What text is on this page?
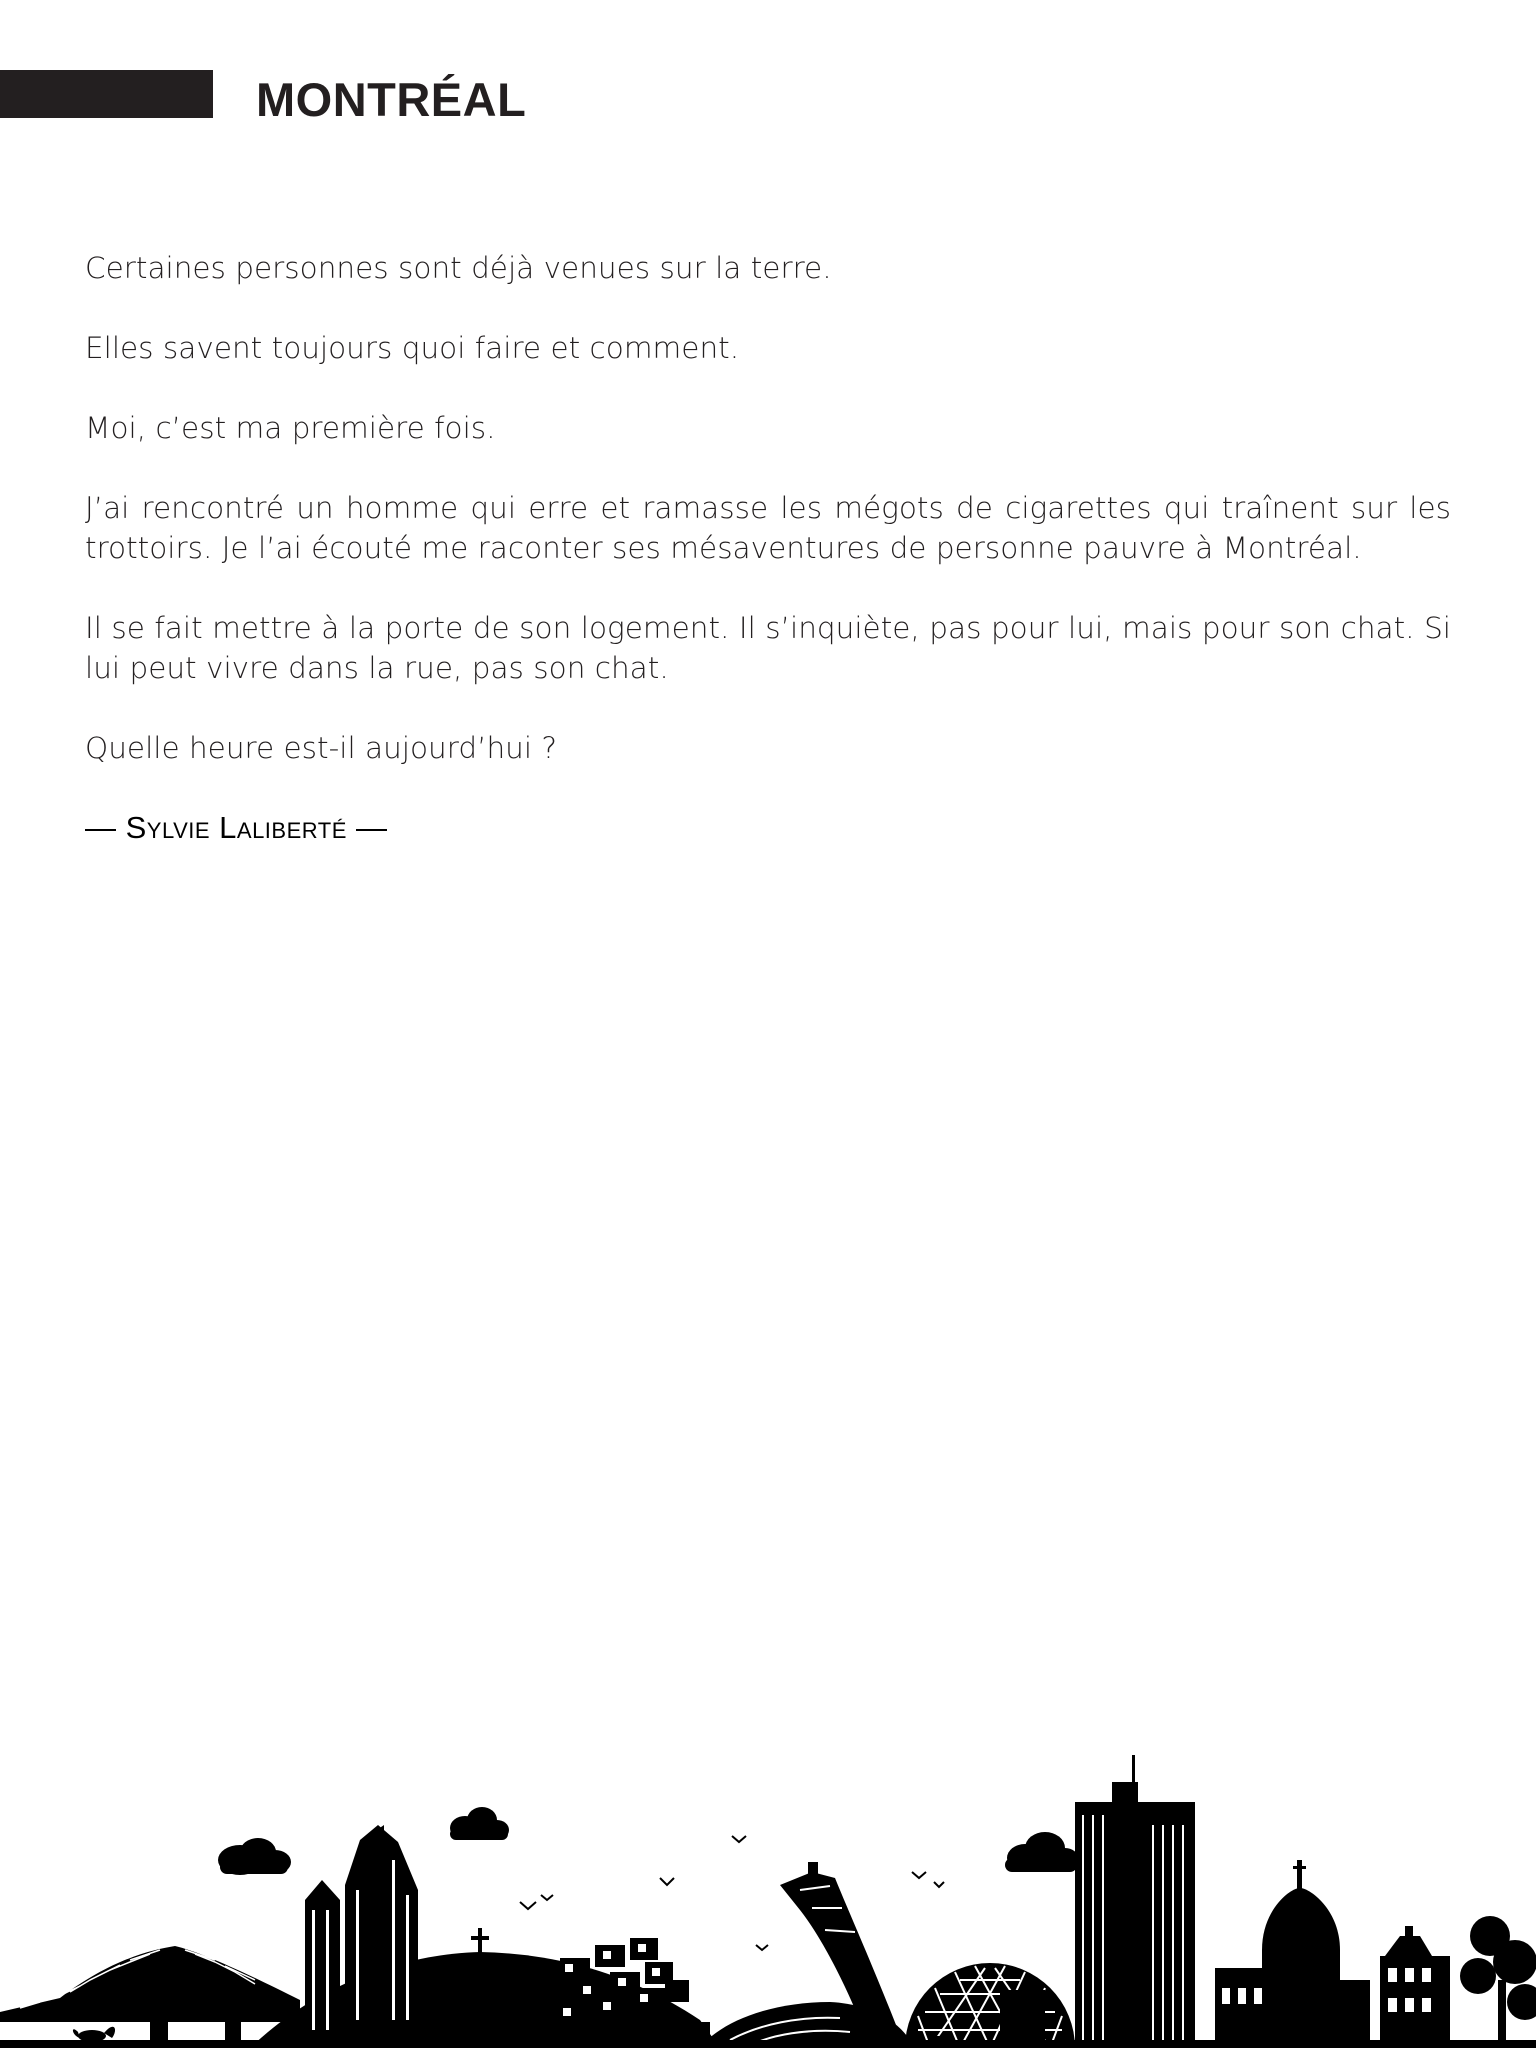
MONTRÉAL

Certaines personnes sont déjà venues sur la terre.

Elles savent toujours quoi faire et comment.

Moi, c’est ma première fois.

J’ai rencontré un homme qui erre et ramasse les mégots de cigarettes qui traînent sur les trottoirs. Je l’ai écouté me raconter ses mésaventures de personne pauvre à Montréal.

Il se fait mettre à la porte de son logement. Il s’inquiète, pas pour lui, mais pour son chat. Si lui peut vivre dans la rue, pas son chat.

Quelle heure est-il aujourd’hui ?

— Sylvie Laliberté —
